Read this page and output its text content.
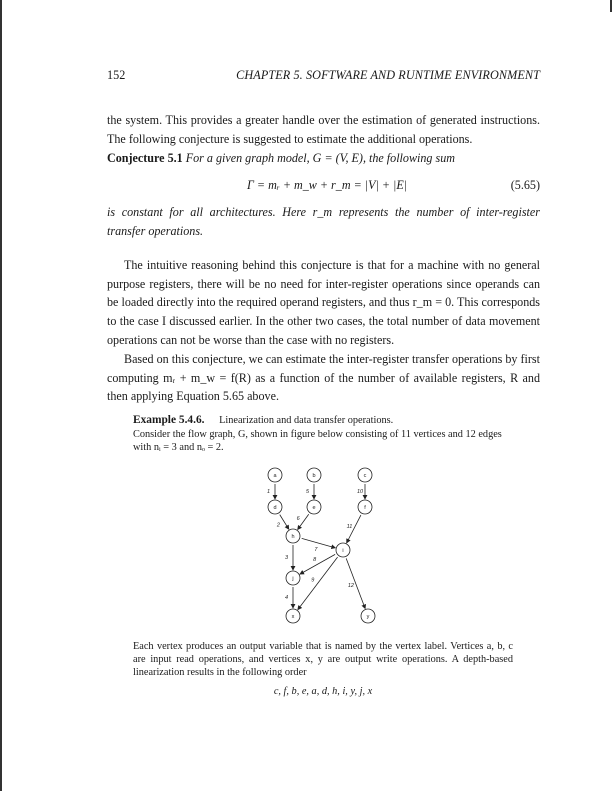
152	CHAPTER 5. SOFTWARE AND RUNTIME ENVIRONMENT
the system. This provides a greater handle over the estimation of generated instructions. The following conjecture is suggested to estimate the additional operations.
Conjecture 5.1 For a given graph model, G = (V, E), the following sum
Γ = mᵣ + m_w + r_m = |V| + |E|	(5.65)
is constant for all architectures. Here r_m represents the number of inter-register transfer operations.
The intuitive reasoning behind this conjecture is that for a machine with no general purpose registers, there will be no need for inter-register operations since operands can be loaded directly into the required operand registers, and thus r_m = 0. This corresponds to the case I discussed earlier. In the other two cases, the total number of data movement operations can not be worse than the case with no registers.
Based on this conjecture, we can estimate the inter-register transfer operations by first computing mᵣ + m_w = f(R) as a function of the number of available registers, R and then applying Equation 5.65 above.
Example 5.4.6. Linearization and data transfer operations.
Consider the flow graph, G, shown in figure below consisting of 11 vertices and 12 edges with nᵢ = 3 and nₒ = 2.
1
2
3
4
5
6
7
8
9
10
11
12
a	b	c
d	e	f
h
i
j
x	y
Each vertex produces an output variable that is named by the vertex label. Vertices a, b, c are input read operations, and vertices x, y are output write operations. A depth-based linearization results in the following order
c, f, b, e, a, d, h, i, y, j, x
